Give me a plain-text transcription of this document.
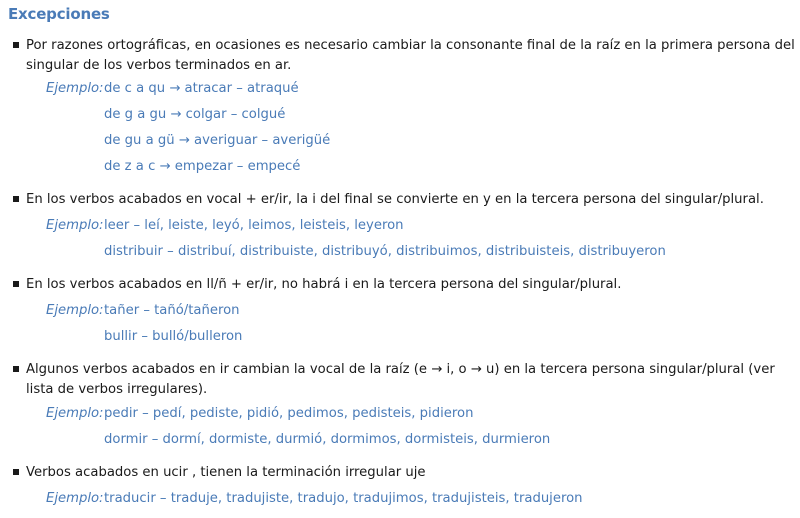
Excepciones
Por razones ortográficas, en ocasiones es necesario cambiar la consonante final de la raíz en la primera persona del singular de los verbos terminados en ar.
Ejemplo: de c a qu → atracar – atraqué
de g a gu → colgar – colgué
de gu a gü → averiguar – averigüé
de z a c → empezar – empecé
En los verbos acabados en vocal + er/ir, la i del final se convierte en y en la tercera persona del singular/plural.
Ejemplo: leer – leí, leiste, leyó, leimos, leisteis, leyeron
distribuir – distribuí, distribuiste, distribuyó, distribuimos, distribuisteis, distribuyeron
En los verbos acabados en ll/ñ + er/ir, no habrá i en la tercera persona del singular/plural.
Ejemplo: tañer – tañó/tañeron
bullir – bulló/bulleron
Algunos verbos acabados en ir cambian la vocal de la raíz (e → i, o → u) en la tercera persona singular/plural (ver lista de verbos irregulares).
Ejemplo: pedir – pedí, pediste, pidió, pedimos, pedisteis, pidieron
dormir – dormí, dormiste, durmió, dormimos, dormisteis, durmieron
Verbos acabados en ucir , tienen la terminación irregular uje
Ejemplo: traducir – traduje, tradujiste, tradujo, tradujimos, tradujisteis, tradujeron
